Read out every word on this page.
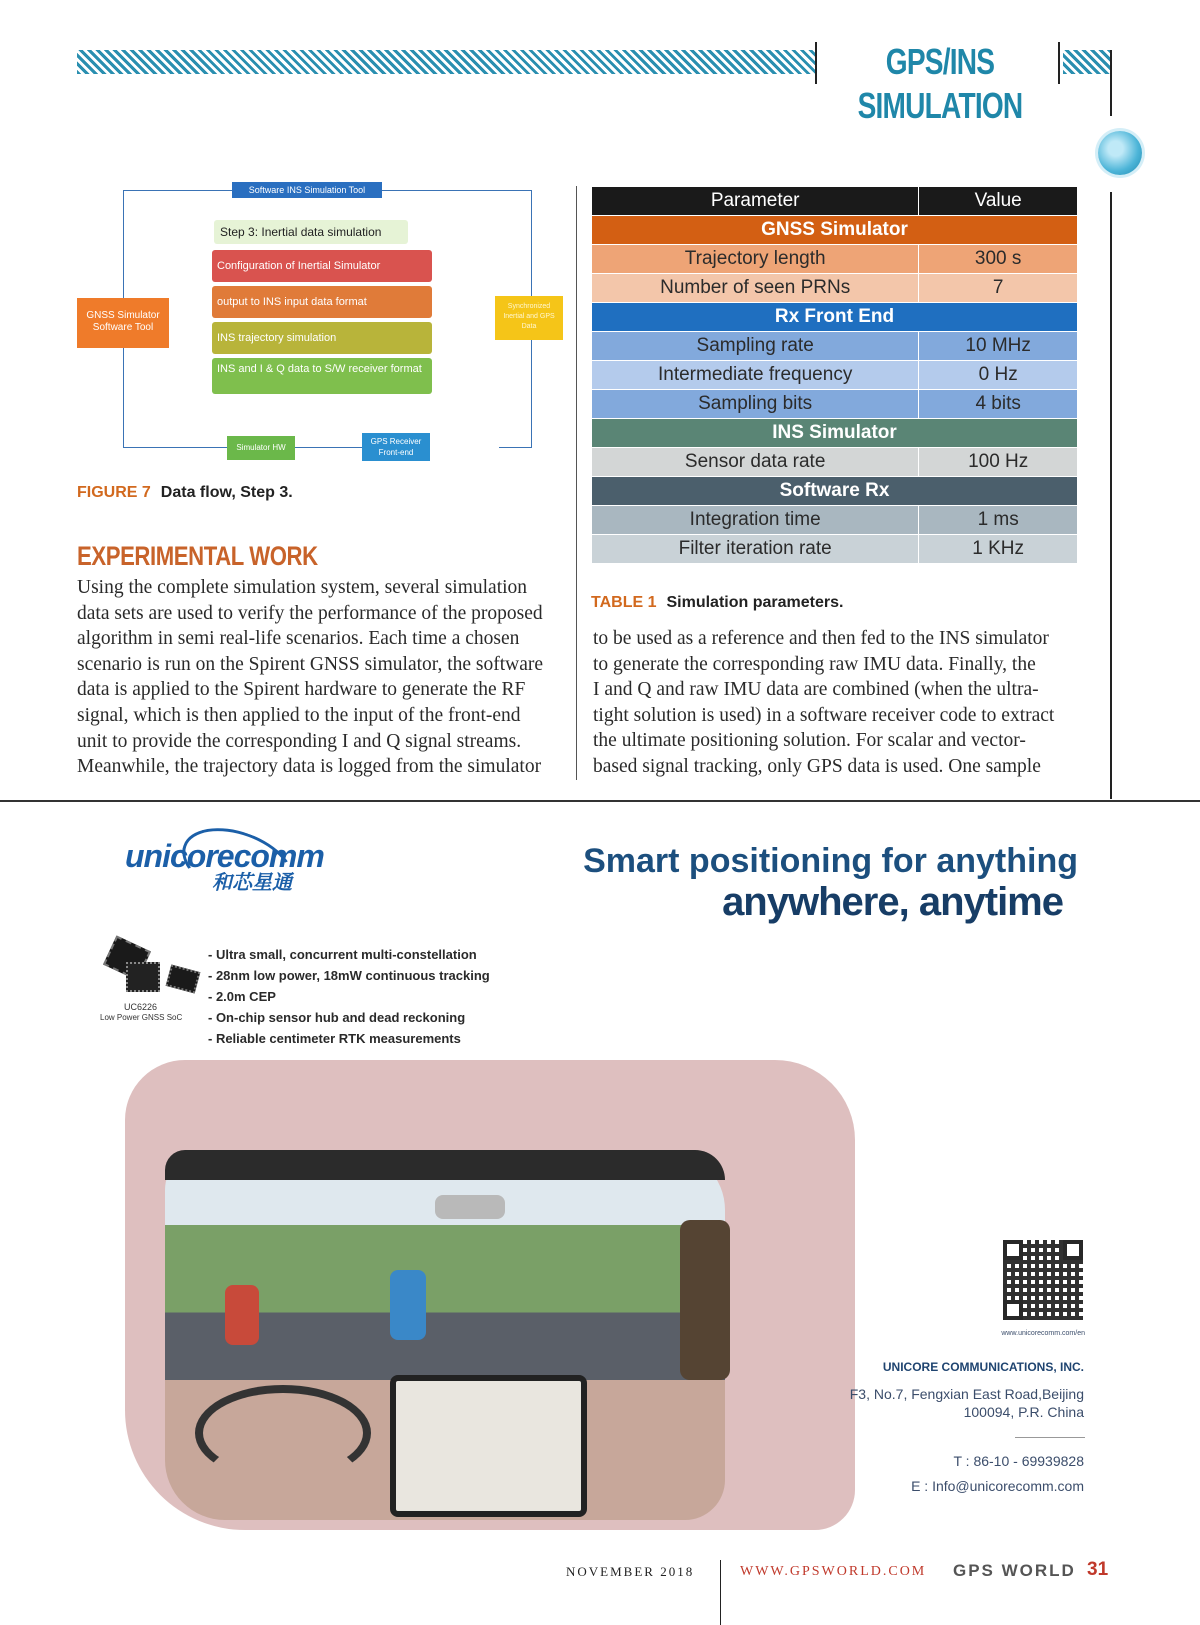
GPS/INS SIMULATION
Software INS Simulation Tool
Step 3: Inertial data simulation
Configuration of Inertial Simulator
output to INS input data format
INS trajectory simulation
INS and I & Q data to S/W receiver format
GNSS Simulator Software Tool
Synchronized Inertial and GPS Data
Simulator HW
GPS Receiver Front-end
FIGURE 7 Data flow, Step 3.
Parameter	Value
GNSS Simulator	
Trajectory length	300 s
Number of seen PRNs	7
Rx Front End	
Sampling rate	10 MHz
Intermediate frequency	0 Hz
Sampling bits	4 bits
INS Simulator	
Sensor data rate	100 Hz
Software Rx	
Integration time	1 ms
Filter iteration rate	1 KHz
TABLE 1 Simulation parameters.
EXPERIMENTAL WORK
Using the complete simulation system, several simulation
data sets are used to verify the performance of the proposed
algorithm in semi real-life scenarios. Each time a chosen
scenario is run on the Spirent GNSS simulator, the software
data is applied to the Spirent hardware to generate the RF
signal, which is then applied to the input of the front-end
unit to provide the corresponding I and Q signal streams.
Meanwhile, the trajectory data is logged from the simulator
to be used as a reference and then fed to the INS simulator
to generate the corresponding raw IMU data. Finally, the
I and Q and raw IMU data are combined (when the ultra-
tight solution is used) in a software receiver code to extract
the ultimate positioning solution. For scalar and vector-
based signal tracking, only GPS data is used. One sample
unicorecomm
和芯星通
Smart positioning for anything
anywhere, anytime
UC6226
Low Power GNSS SoC
- Ultra small, concurrent multi-constellation
- 28nm low power, 18mW continuous tracking
- 2.0m CEP
- On-chip sensor hub and dead reckoning
- Reliable centimeter RTK measurements
www.unicorecomm.com/en
UNICORE COMMUNICATIONS, INC.
F3, No.7, Fengxian East Road,Beijing
100094, P.R. China
T : 86-10 - 69939828
E : Info@unicorecomm.com
NOVEMBER 2018	WWW.GPSWORLD.COM GPS WORLD 31
